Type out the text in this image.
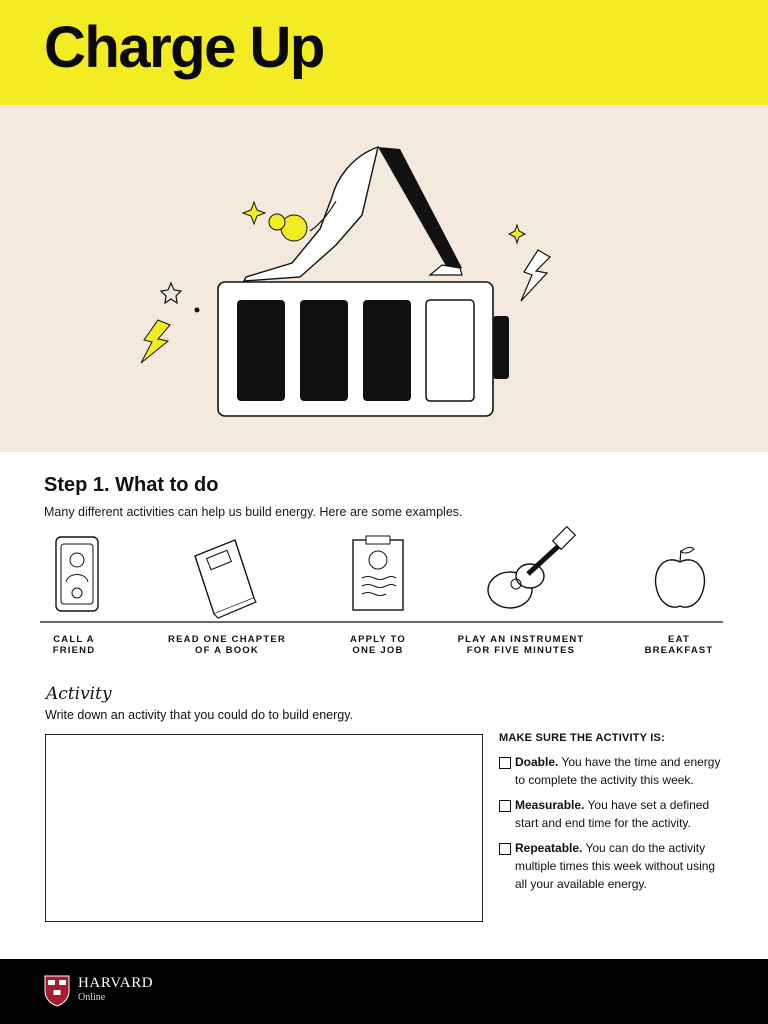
Charge Up
Step 1. What to do
Many different activities can help us build energy. Here are some examples.
CALL A
FRIEND
READ ONE CHAPTER
OF A BOOK
APPLY TO
ONE JOB
PLAY AN INSTRUMENT
FOR FIVE MINUTES
EAT
BREAKFAST
Activity
Write down an activity that you could do to build energy.
MAKE SURE THE ACTIVITY IS:
Doable. You have the time and energy to complete the activity this week.
Measurable. You have set a defined start and end time for the activity.
Repeatable. You can do the activity multiple times this week without using all your available energy.
HARVARD
Online
